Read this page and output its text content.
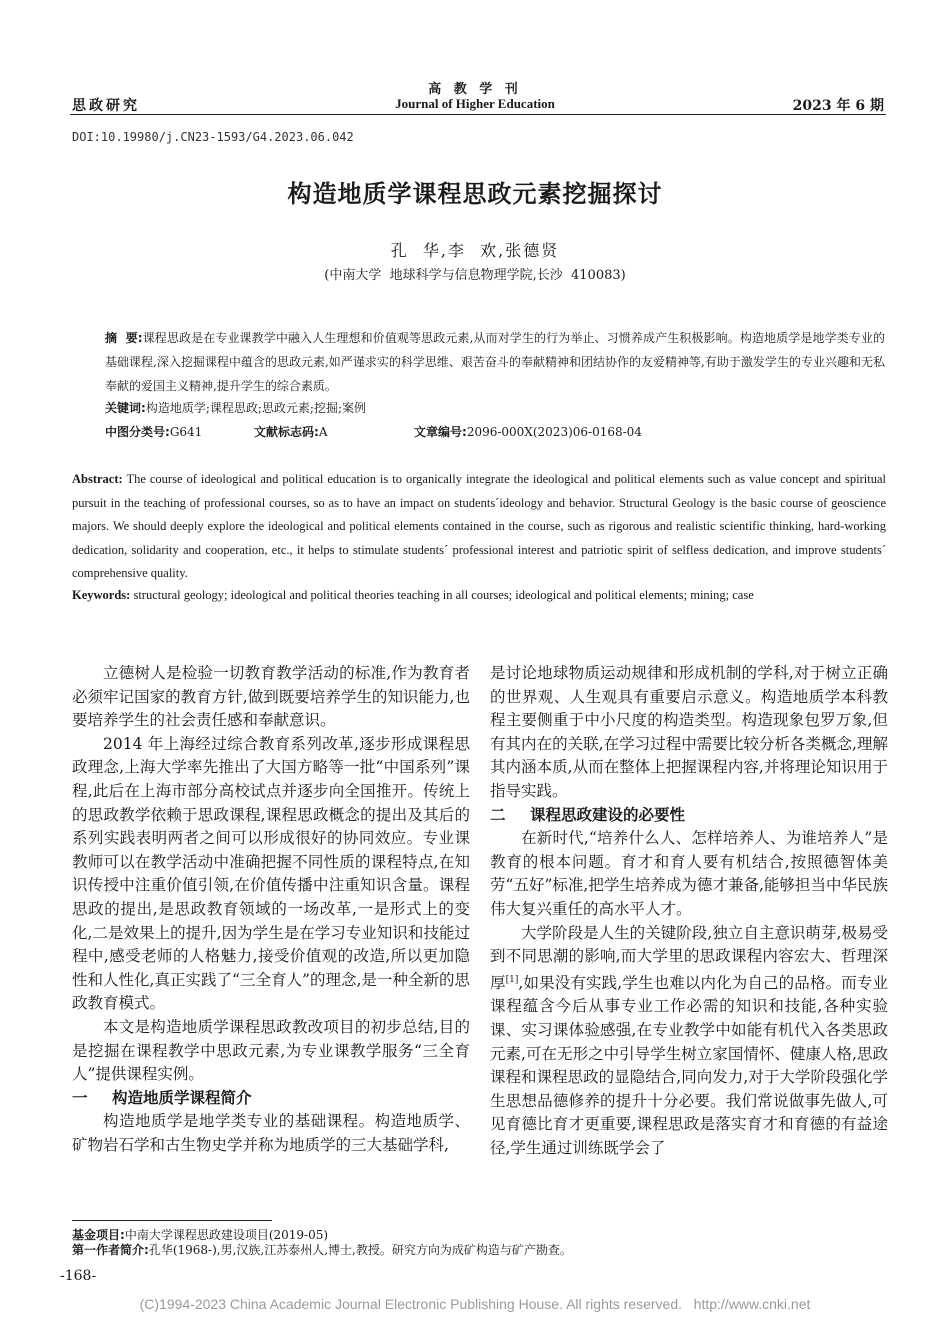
高 教 学 刊
思政研究	Journal of Higher Education	2023 年 6 期
DOI:10.19980/j.CN23-1593/G4.2023.06.042
构造地质学课程思政元素挖掘探讨
孔  华,李  欢,张德贤
(中南大学  地球科学与信息物理学院,长沙  410083)
摘  要:课程思政是在专业课教学中融入人生理想和价值观等思政元素,从而对学生的行为举止、习惯养成产生积极影响。构造地质学是地学类专业的基础课程,深入挖掘课程中蕴含的思政元素,如严谨求实的科学思维、艰苦奋斗的奉献精神和团结协作的友爱精神等,有助于激发学生的专业兴趣和无私奉献的爱国主义精神,提升学生的综合素质。
关键词:构造地质学;课程思政;思政元素;挖掘;案例
中图分类号:G641	文献标志码:A	文章编号:2096-000X(2023)06-0168-04
Abstract: The course of ideological and political education is to organically integrate the ideological and political elements such as value concept and spiritual pursuit in the teaching of professional courses, so as to have an impact on students´ideology and behavior. Structural Geology is the basic course of geoscience majors. We should deeply explore the ideological and political elements contained in the course, such as rigorous and realistic scientific thinking, hard-working dedication, solidarity and cooperation, etc., it helps to stimulate students´ professional interest and patriotic spirit of selfless dedication, and improve students´ comprehensive quality.
Keywords: structural geology; ideological and political theories teaching in all courses; ideological and political elements; mining; case

立德树人是检验一切教育教学活动的标准,作为教育者必须牢记国家的教育方针,做到既要培养学生的知识能力,也要培养学生的社会责任感和奉献意识。

2014 年上海经过综合教育系列改革,逐步形成课程思政理念,上海大学率先推出了大国方略等一批“中国系列”课程,此后在上海市部分高校试点并逐步向全国推开。传统上的思政教学依赖于思政课程,课程思政概念的提出及其后的系列实践表明两者之间可以形成很好的协同效应。专业课教师可以在教学活动中准确把握不同性质的课程特点,在知识传授中注重价值引领,在价值传播中注重知识含量。课程思政的提出,是思政教育领域的一场改革,一是形式上的变化,二是效果上的提升,因为学生是在学习专业知识和技能过程中,感受老师的人格魅力,接受价值观的改造,所以更加隐性和人性化,真正实践了“三全育人”的理念,是一种全新的思政教育模式。

本文是构造地质学课程思政教改项目的初步总结,目的是挖掘在课程教学中思政元素,为专业课教学服务“三全育人”提供课程实例。

一 构造地质学课程简介

构造地质学是地学类专业的基础课程。构造地质学、矿物岩石学和古生物史学并称为地质学的三大基础学科,

是讨论地球物质运动规律和形成机制的学科,对于树立正确的世界观、人生观具有重要启示意义。构造地质学本科教程主要侧重于中小尺度的构造类型。构造现象包罗万象,但有其内在的关联,在学习过程中需要比较分析各类概念,理解其内涵本质,从而在整体上把握课程内容,并将理论知识用于指导实践。

二 课程思政建设的必要性

在新时代,“培养什么人、怎样培养人、为谁培养人”是教育的根本问题。育才和育人要有机结合,按照德智体美劳“五好”标准,把学生培养成为德才兼备,能够担当中华民族伟大复兴重任的高水平人才。

大学阶段是人生的关键阶段,独立自主意识萌芽,极易受到不同思潮的影响,而大学里的思政课程内容宏大、哲理深厚[1],如果没有实践,学生也难以内化为自己的品格。而专业课程蕴含今后从事专业工作必需的知识和技能,各种实验课、实习课体验感强,在专业教学中如能有机代入各类思政元素,可在无形之中引导学生树立家国情怀、健康人格,思政课程和课程思政的显隐结合,同向发力,对于大学阶段强化学生思想品德修养的提升十分必要。我们常说做事先做人,可见育德比育才更重要,课程思政是落实育才和育德的有益途径,学生通过训练既学会了

基金项目:中南大学课程思政建设项目(2019-05)
第一作者简介:孔华(1968-),男,汉族,江苏泰州人,博士,教授。研究方向为成矿构造与矿产勘查。
-168-
(C)1994-2023 China Academic Journal Electronic Publishing House. All rights reserved.   http://www.cnki.net
